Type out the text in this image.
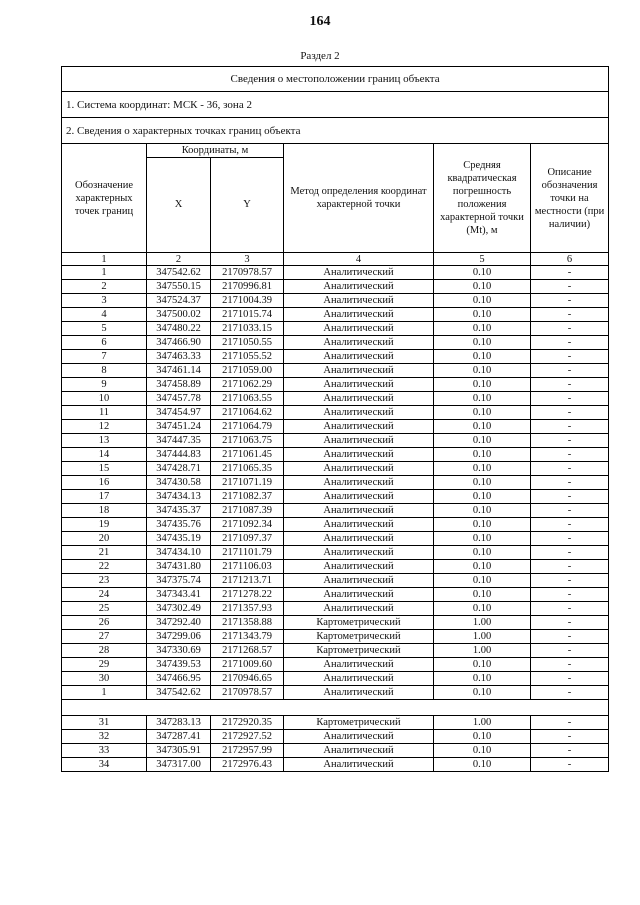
164
Раздел 2
Сведения о местоположении границ объекта					
1. Система координат: МСК - 36, зона 2					
2. Сведения о характерных точках границ объекта					
Обозначение характерных точек границ	Координаты, м		Метод определения координат характерной точки	Средняя квадратическая погрешность положения характерной точки (Mt), м	Описание обозначения точки на местности (при наличии)
	X	Y			
1	2	3	4	5	6
1	347542.62	2170978.57	Аналитический	0.10	-
2	347550.15	2170996.81	Аналитический	0.10	-
3	347524.37	2171004.39	Аналитический	0.10	-
4	347500.02	2171015.74	Аналитический	0.10	-
5	347480.22	2171033.15	Аналитический	0.10	-
6	347466.90	2171050.55	Аналитический	0.10	-
7	347463.33	2171055.52	Аналитический	0.10	-
8	347461.14	2171059.00	Аналитический	0.10	-
9	347458.89	2171062.29	Аналитический	0.10	-
10	347457.78	2171063.55	Аналитический	0.10	-
11	347454.97	2171064.62	Аналитический	0.10	-
12	347451.24	2171064.79	Аналитический	0.10	-
13	347447.35	2171063.75	Аналитический	0.10	-
14	347444.83	2171061.45	Аналитический	0.10	-
15	347428.71	2171065.35	Аналитический	0.10	-
16	347430.58	2171071.19	Аналитический	0.10	-
17	347434.13	2171082.37	Аналитический	0.10	-
18	347435.37	2171087.39	Аналитический	0.10	-
19	347435.76	2171092.34	Аналитический	0.10	-
20	347435.19	2171097.37	Аналитический	0.10	-
21	347434.10	2171101.79	Аналитический	0.10	-
22	347431.80	2171106.03	Аналитический	0.10	-
23	347375.74	2171213.71	Аналитический	0.10	-
24	347343.41	2171278.22	Аналитический	0.10	-
25	347302.49	2171357.93	Аналитический	0.10	-
26	347292.40	2171358.88	Картометрический	1.00	-
27	347299.06	2171343.79	Картометрический	1.00	-
28	347330.69	2171268.57	Картометрический	1.00	-
29	347439.53	2171009.60	Аналитический	0.10	-
30	347466.95	2170946.65	Аналитический	0.10	-
1	347542.62	2170978.57	Аналитический	0.10	-

31	347283.13	2172920.35	Картометрический	1.00	-
32	347287.41	2172927.52	Аналитический	0.10	-
33	347305.91	2172957.99	Аналитический	0.10	-
34	347317.00	2172976.43	Аналитический	0.10	-
